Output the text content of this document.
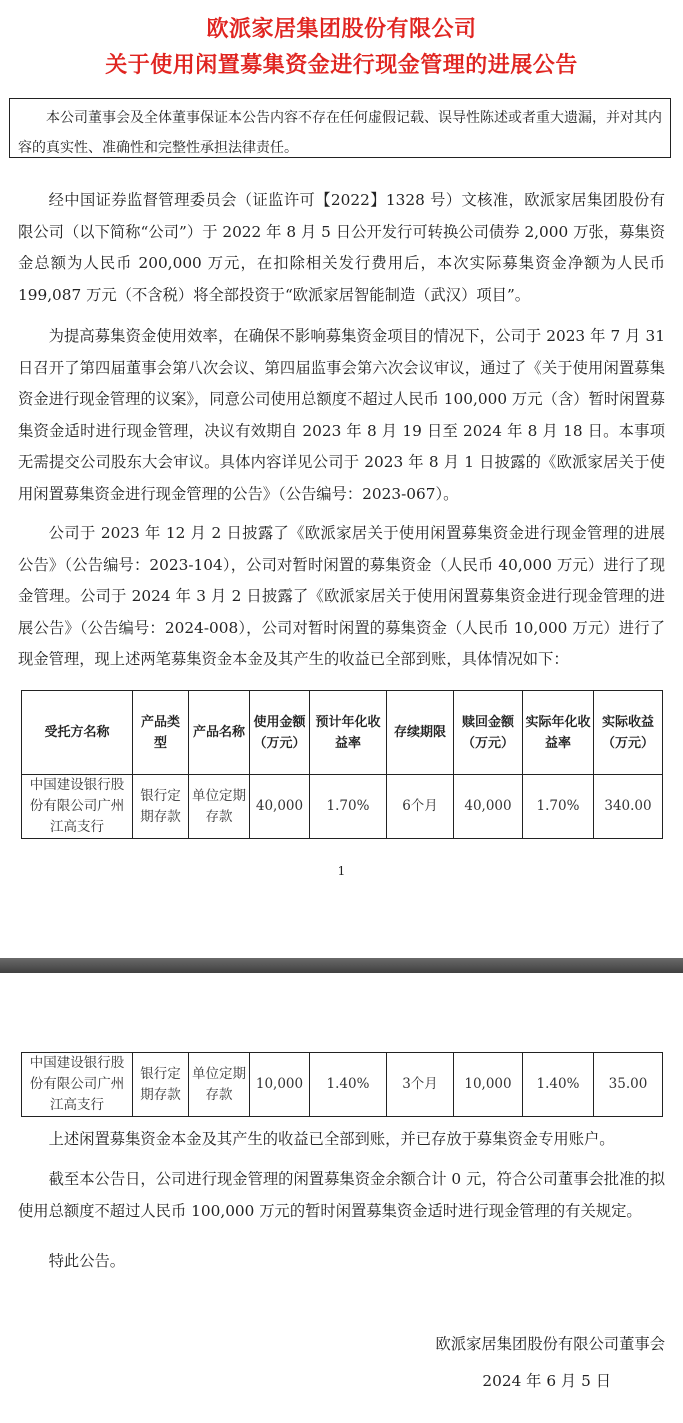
欧派家居集团股份有限公司
关于使用闲置募集资金进行现金管理的进展公告
本公司董事会及全体董事保证本公告内容不存在任何虚假记载、误导性陈述或者重大遗漏，并对其内容的真实性、准确性和完整性承担法律责任。
经中国证券监督管理委员会（证监许可【2022】1328 号）文核准，欧派家居集团股份有限公司（以下简称“公司”）于 2022 年 8 月 5 日公开发行可转换公司债券 2,000 万张，募集资金总额为人民币 200,000 万元，在扣除相关发行费用后，本次实际募集资金净额为人民币 199,087 万元（不含税）将全部投资于“欧派家居智能制造（武汉）项目”。
为提高募集资金使用效率，在确保不影响募集资金项目的情况下，公司于 2023 年 7 月 31 日召开了第四届董事会第八次会议、第四届监事会第六次会议审议，通过了《关于使用闲置募集资金进行现金管理的议案》，同意公司使用总额度不超过人民币 100,000 万元（含）暂时闲置募集资金适时进行现金管理，决议有效期自 2023 年 8 月 19 日至 2024 年 8 月 18 日。本事项无需提交公司股东大会审议。具体内容详见公司于 2023 年 8 月 1 日披露的《欧派家居关于使用闲置募集资金进行现金管理的公告》（公告编号：2023-067）。
公司于 2023 年 12 月 2 日披露了《欧派家居关于使用闲置募集资金进行现金管理的进展公告》（公告编号：2023-104），公司对暂时闲置的募集资金（人民币 40,000 万元）进行了现金管理。公司于 2024 年 3 月 2 日披露了《欧派家居关于使用闲置募集资金进行现金管理的进展公告》（公告编号：2024-008），公司对暂时闲置的募集资金（人民币 10,000 万元）进行了现金管理，现上述两笔募集资金本金及其产生的收益已全部到账，具体情况如下：
受托方名称	产品类型	产品名称	使用金额（万元）	预计年化收益率	存续期限	赎回金额（万元）	实际年化收益率	实际收益（万元）
中国建设银行股份有限公司广州江高支行	银行定期存款	单位定期存款	40,000	1.70%	6个月	40,000	1.70%	340.00
1
中国建设银行股份有限公司广州江高支行	银行定期存款	单位定期存款	10,000	1.40%	3个月	10,000	1.40%	35.00
上述闲置募集资金本金及其产生的收益已全部到账，并已存放于募集资金专用账户。
截至本公告日，公司进行现金管理的闲置募集资金余额合计 0 元，符合公司董事会批准的拟使用总额度不超过人民币 100,000 万元的暂时闲置募集资金适时进行现金管理的有关规定。
特此公告。
欧派家居集团股份有限公司董事会
2024 年 6 月 5 日
